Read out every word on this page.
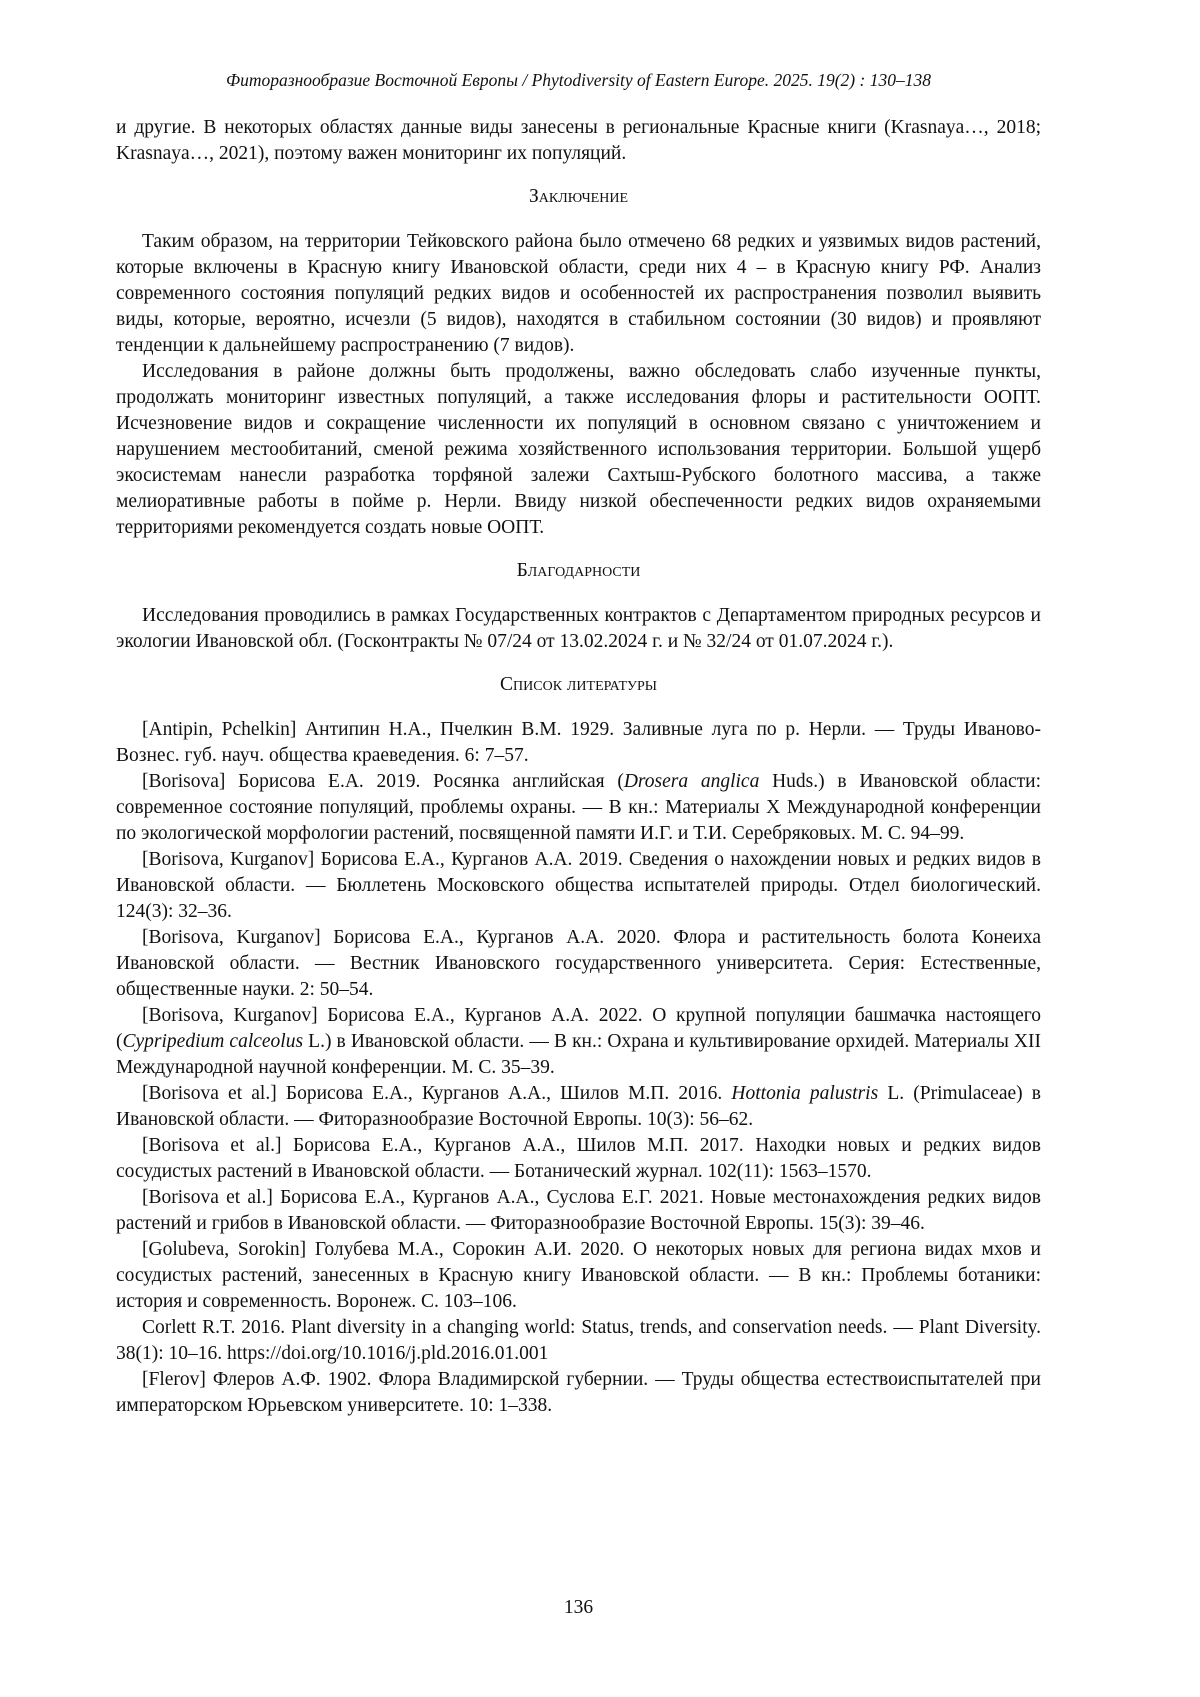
Фиторазнообразие Восточной Европы / Phytodiversity of Eastern Europe. 2025. 19(2) : 130–138

и другие. В некоторых областях данные виды занесены в региональные Красные книги (Krasnaya…, 2018; Krasnaya…, 2021), поэтому важен мониторинг их популяций.

Заключение

Таким образом, на территории Тейковского района было отмечено 68 редких и уязвимых видов растений, которые включены в Красную книгу Ивановской области, среди них 4 – в Красную книгу РФ. Анализ современного состояния популяций редких видов и особенностей их распространения позволил выявить виды, которые, вероятно, исчезли (5 видов), находятся в стабильном состоянии (30 видов) и проявляют тенденции к дальнейшему распространению (7 видов).

Исследования в районе должны быть продолжены, важно обследовать слабо изученные пункты, продолжать мониторинг известных популяций, а также исследования флоры и растительности ООПТ. Исчезновение видов и сокращение численности их популяций в основном связано с уничтожением и нарушением местообитаний, сменой режима хозяйственного использования территории. Большой ущерб экосистемам нанесли разработка торфяной залежи Сахтыш-Рубского болотного массива, а также мелиоративные работы в пойме р. Нерли. Ввиду низкой обеспеченности редких видов охраняемыми территориями рекомендуется создать новые ООПТ.

Благодарности

Исследования проводились в рамках Государственных контрактов с Департаментом природных ресурсов и экологии Ивановской обл. (Госконтракты № 07/24 от 13.02.2024 г. и № 32/24 от 01.07.2024 г.).

Список литературы

[Antipin, Pchelkin] Антипин Н.А., Пчелкин В.М. 1929. Заливные луга по р. Нерли. — Труды Иваново-Вознес. губ. науч. общества краеведения. 6: 7–57.

[Borisova] Борисова Е.А. 2019. Росянка английская (Drosera anglica Huds.) в Ивановской области: современное состояние популяций, проблемы охраны. — В кн.: Материалы X Международной конференции по экологической морфологии растений, посвященной памяти И.Г. и Т.И. Серебряковых. М. С. 94–99.

[Borisova, Kurganov] Борисова Е.А., Курганов А.А. 2019. Сведения о нахождении новых и редких видов в Ивановской области. — Бюллетень Московского общества испытателей природы. Отдел биологический. 124(3): 32–36.

[Borisova, Kurganov] Борисова Е.А., Курганов А.А. 2020. Флора и растительность болота Конеиха Ивановской области. — Вестник Ивановского государственного университета. Серия: Естественные, общественные науки. 2: 50–54.

[Borisova, Kurganov] Борисова Е.А., Курганов А.А. 2022. О крупной популяции башмачка настоящего (Cypripedium calceolus L.) в Ивановской области. — В кн.: Охрана и культивирование орхидей. Материалы XII Международной научной конференции. М. С. 35–39.

[Borisova et al.] Борисова Е.А., Курганов А.А., Шилов М.П. 2016. Hottonia palustris L. (Primulaceae) в Ивановской области. — Фиторазнообразие Восточной Европы. 10(3): 56–62.

[Borisova et al.] Борисова Е.А., Курганов А.А., Шилов М.П. 2017. Находки новых и редких видов сосудистых растений в Ивановской области. — Ботанический журнал. 102(11): 1563–1570.

[Borisova et al.] Борисова Е.А., Курганов А.А., Суслова Е.Г. 2021. Новые местонахождения редких видов растений и грибов в Ивановской области. — Фиторазнообразие Восточной Европы. 15(3): 39–46.

[Golubeva, Sorokin] Голубева М.А., Сорокин А.И. 2020. О некоторых новых для региона видах мхов и сосудистых растений, занесенных в Красную книгу Ивановской области. — В кн.: Проблемы ботаники: история и современность. Воронеж. С. 103–106.

Corlett R.T. 2016. Plant diversity in a changing world: Status, trends, and conservation needs. — Plant Diversity. 38(1): 10–16. https://doi.org/10.1016/j.pld.2016.01.001

[Flerov] Флеров А.Ф. 1902. Флора Владимирской губернии. — Труды общества естествоиспытателей при императорском Юрьевском университете. 10: 1–338.

136
